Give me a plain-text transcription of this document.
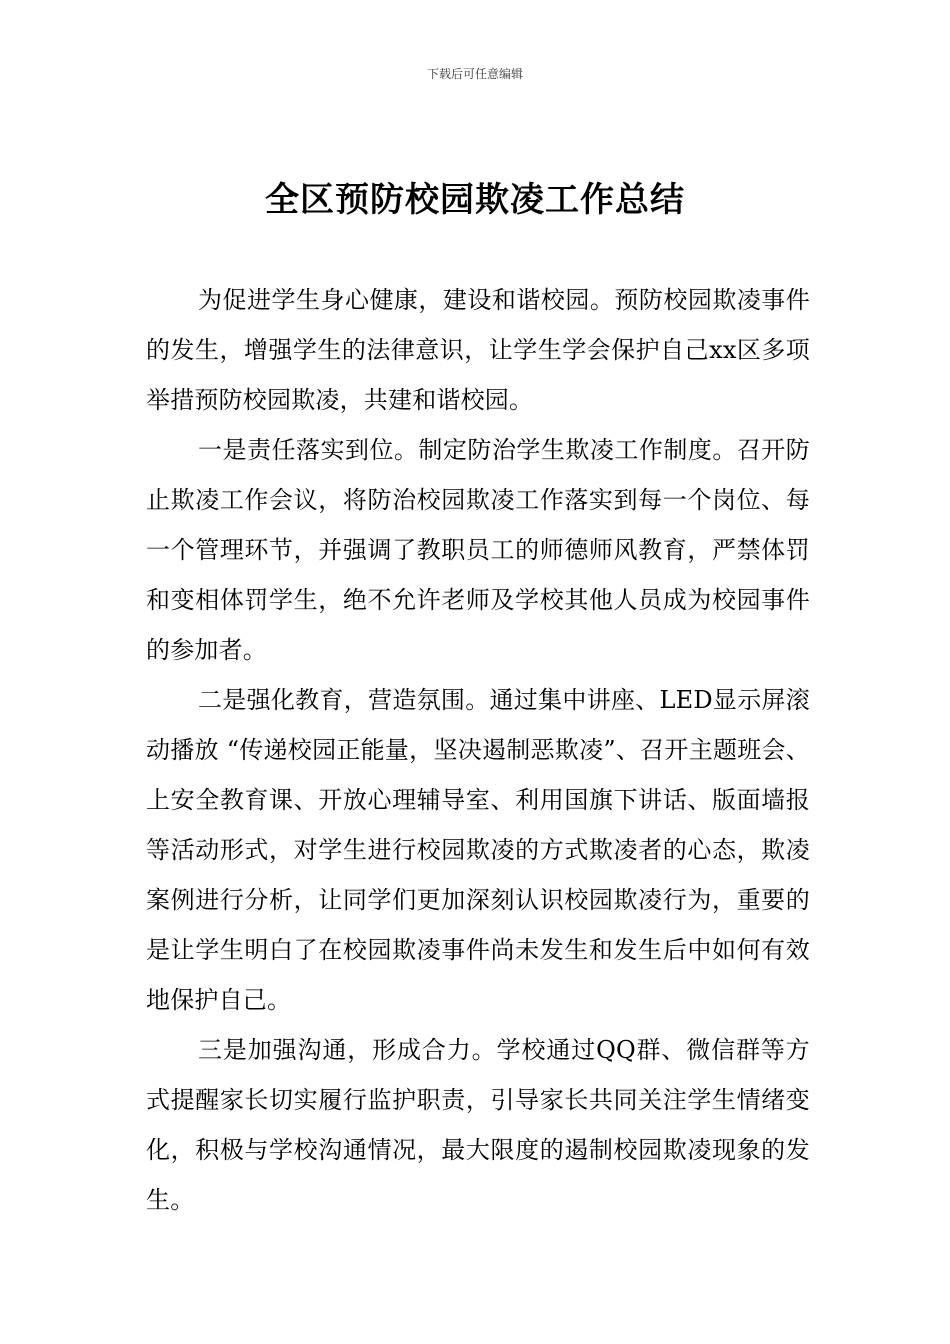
下载后可任意编辑
全区预防校园欺凌工作总结

为促进学生身心健康，建设和谐校园。预防校园欺凌事件的发生，增强学生的法律意识，让学生学会保护自己xx区多项举措预防校园欺凌，共建和谐校园。

一是责任落实到位。制定防治学生欺凌工作制度。召开防止欺凌工作会议，将防治校园欺凌工作落实到每一个岗位、每一个管理环节，并强调了教职员工的师德师风教育，严禁体罚和变相体罚学生，绝不允许老师及学校其他人员成为校园事件的参加者。

二是强化教育，营造氛围。通过集中讲座、LED显示屏滚动播放 “传递校园正能量，坚决遏制恶欺凌”、召开主题班会、上安全教育课、开放心理辅导室、利用国旗下讲话、版面墙报等活动形式，对学生进行校园欺凌的方式欺凌者的心态，欺凌案例进行分析，让同学们更加深刻认识校园欺凌行为，重要的是让学生明白了在校园欺凌事件尚未发生和发生后中如何有效地保护自己。

三是加强沟通，形成合力。学校通过QQ群、微信群等方式提醒家长切实履行监护职责，引导家长共同关注学生情绪变化，积极与学校沟通情况，最大限度的遏制校园欺凌现象的发生。
